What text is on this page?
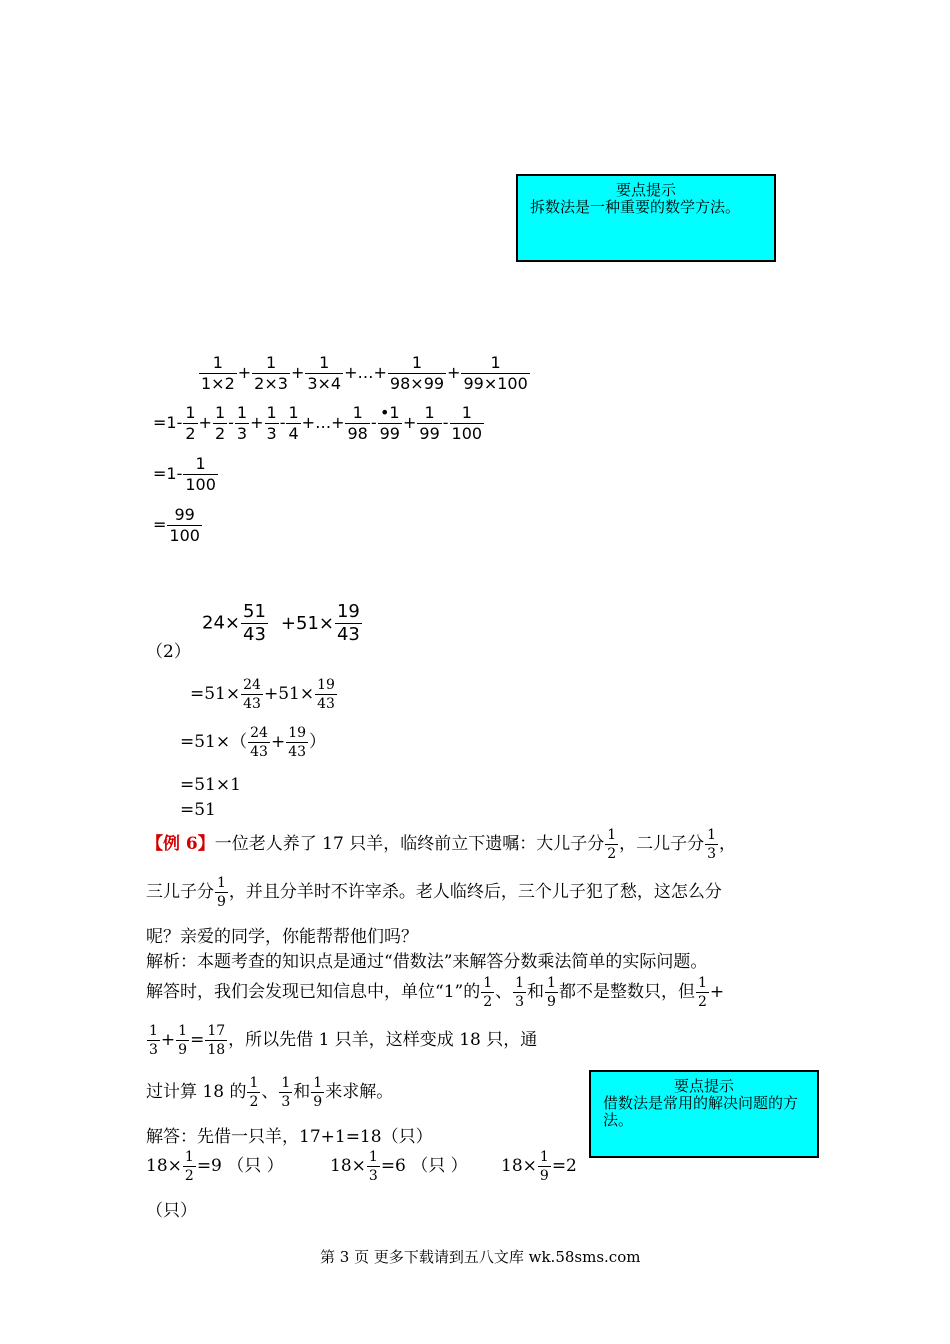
要点提示
拆数法是一种重要的数学方法。
$\frac{1}{1\times 2} + \frac{1}{2\times 3} + \frac{1}{3\times 4}$ +…+ $\frac{1}{98\times 99} + \frac{1}{99\times 100}$
$=1- \frac{1}{2} + \frac{1}{2} - \frac{1}{3} + \frac{1}{3} - \frac{1}{4}$ +…+ $\frac{1}{98} - \frac{•1}{99} + \frac{1}{99} - \frac{1}{100}$
$=1- \frac{1}{100}$
= $\frac{99}{100}$
$24\times \frac{51}{43} +51\times \frac{19}{43}$
（2）
$=51\times \frac{24}{43} +51\times \frac{19}{43}$
$=51\times( \frac{24}{43} + \frac{19}{43}$ ）
=51×1
=51
【例 6】一位老人养了 17 只羊，临终前立下遗嘱：大儿子分 $\frac{1}{2}$ ，二儿子分 $\frac{1}{3}$ ，
三儿子分 $\frac{1}{9}$ ，并且分羊时不许宰杀。老人临终后，三个儿子犯了愁，这怎么分
呢？亲爱的同学，你能帮帮他们吗？
解析：本题考查的知识点是通过“借数法”来解答分数乘法简单的实际问题。
解答时，我们会发现已知信息中，单位“1”的 $\frac{1}{2}$ 、 $\frac{1}{3}$ 和 $\frac{1}{9}$ 都不是整数只，但 $\frac{1}{2}$ +
$\frac{1}{3} + \frac{1}{9} = \frac{17}{18}$ ，所以先借 1 只羊，这样变成 18 只，通
过计算 18 的 $\frac{1}{2}$ 、 $\frac{1}{3}$ 和 $\frac{1}{9}$ 来求解。	要点提示
借数法是常用的解决问题的方法。
解答：先借一只羊，17+1=18（只）
$18\times \frac{1}{2} =9$ （只 ）	$18\times \frac{1}{3} =6$ （只 ） $18\times \frac{1}{9} =2$
（只）
第 3 页 更多下载请到五八文库 wk.58sms.com
